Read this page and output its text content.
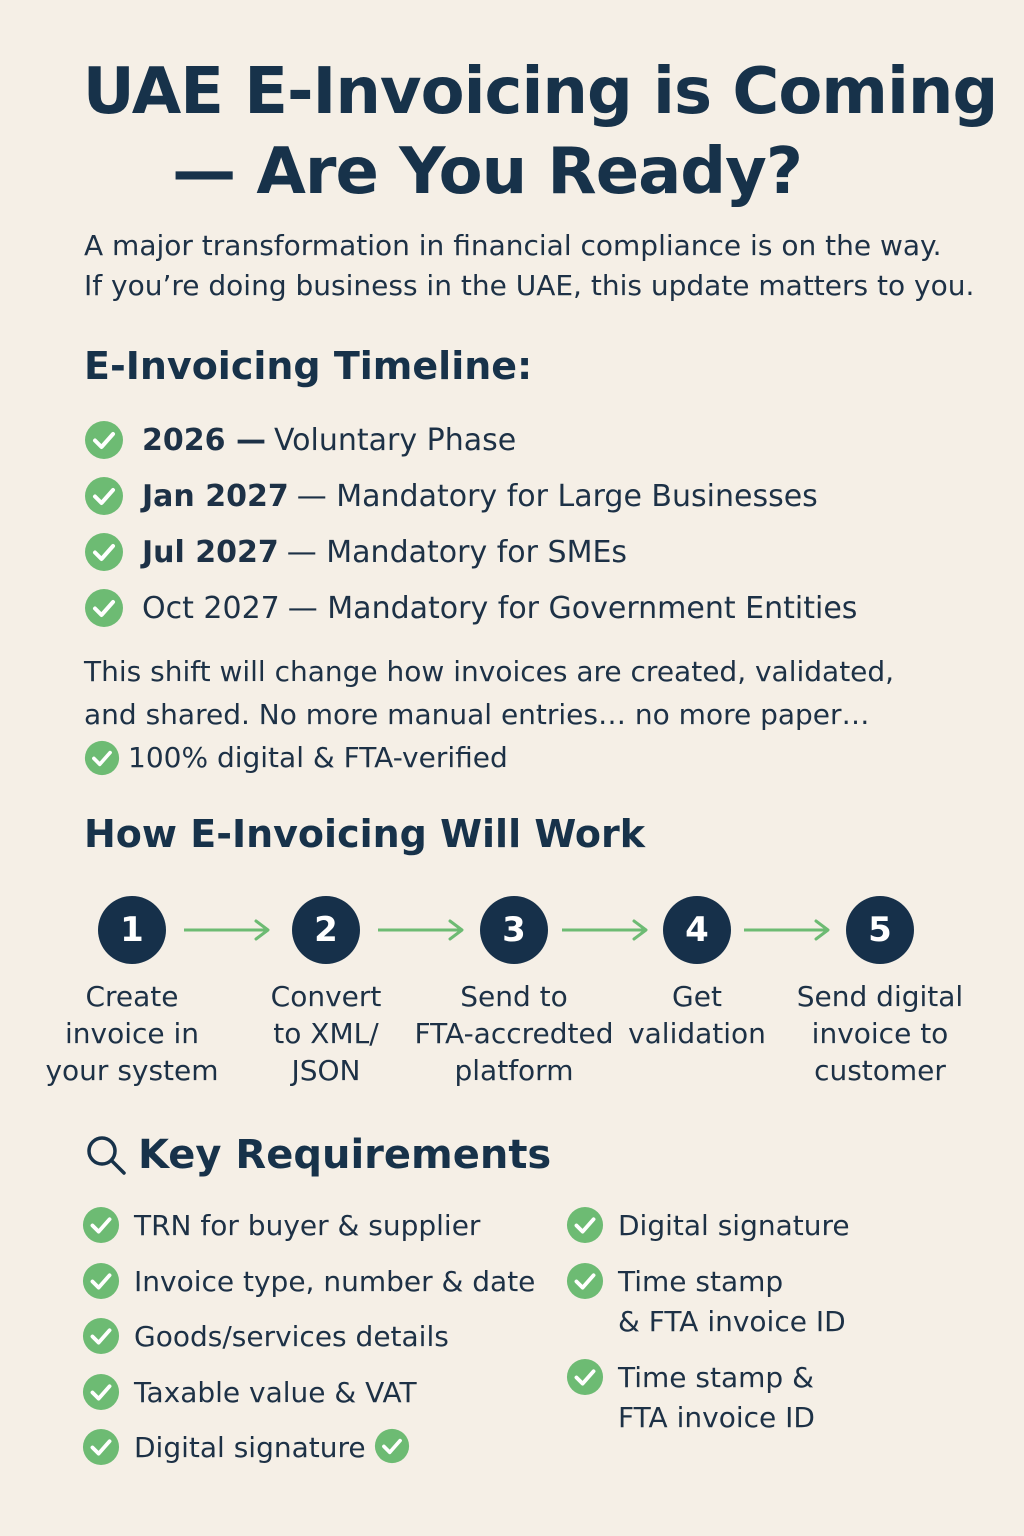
UAE E-Invoicing is Coming
— Are You Ready?
A major transformation in financial compliance is on the way.
If you’re doing business in the UAE, this update matters to you.
E-Invoicing Timeline:
2026 — Voluntary Phase
Jan 2027 — Mandatory for Large Businesses
Jul 2027 — Mandatory for SMEs
Oct 2027 — Mandatory for Government Entities
This shift will change how invoices are created, validated,
and shared. No more manual entries… no more paper…
100% digital & FTA-verified
How E-Invoicing Will Work
1
Create
invoice in
your system
2
Convert
to XML/
JSON
3
Send to
FTA-accredted
platform
4
Get
validation
5
Send digital
invoice to
customer
Key Requirements
TRN for buyer & supplier
Invoice type, number & date
Goods/services details
Taxable value & VAT
Digital signature
Digital signature
Time stamp
& FTA invoice ID
Time stamp &
FTA invoice ID
